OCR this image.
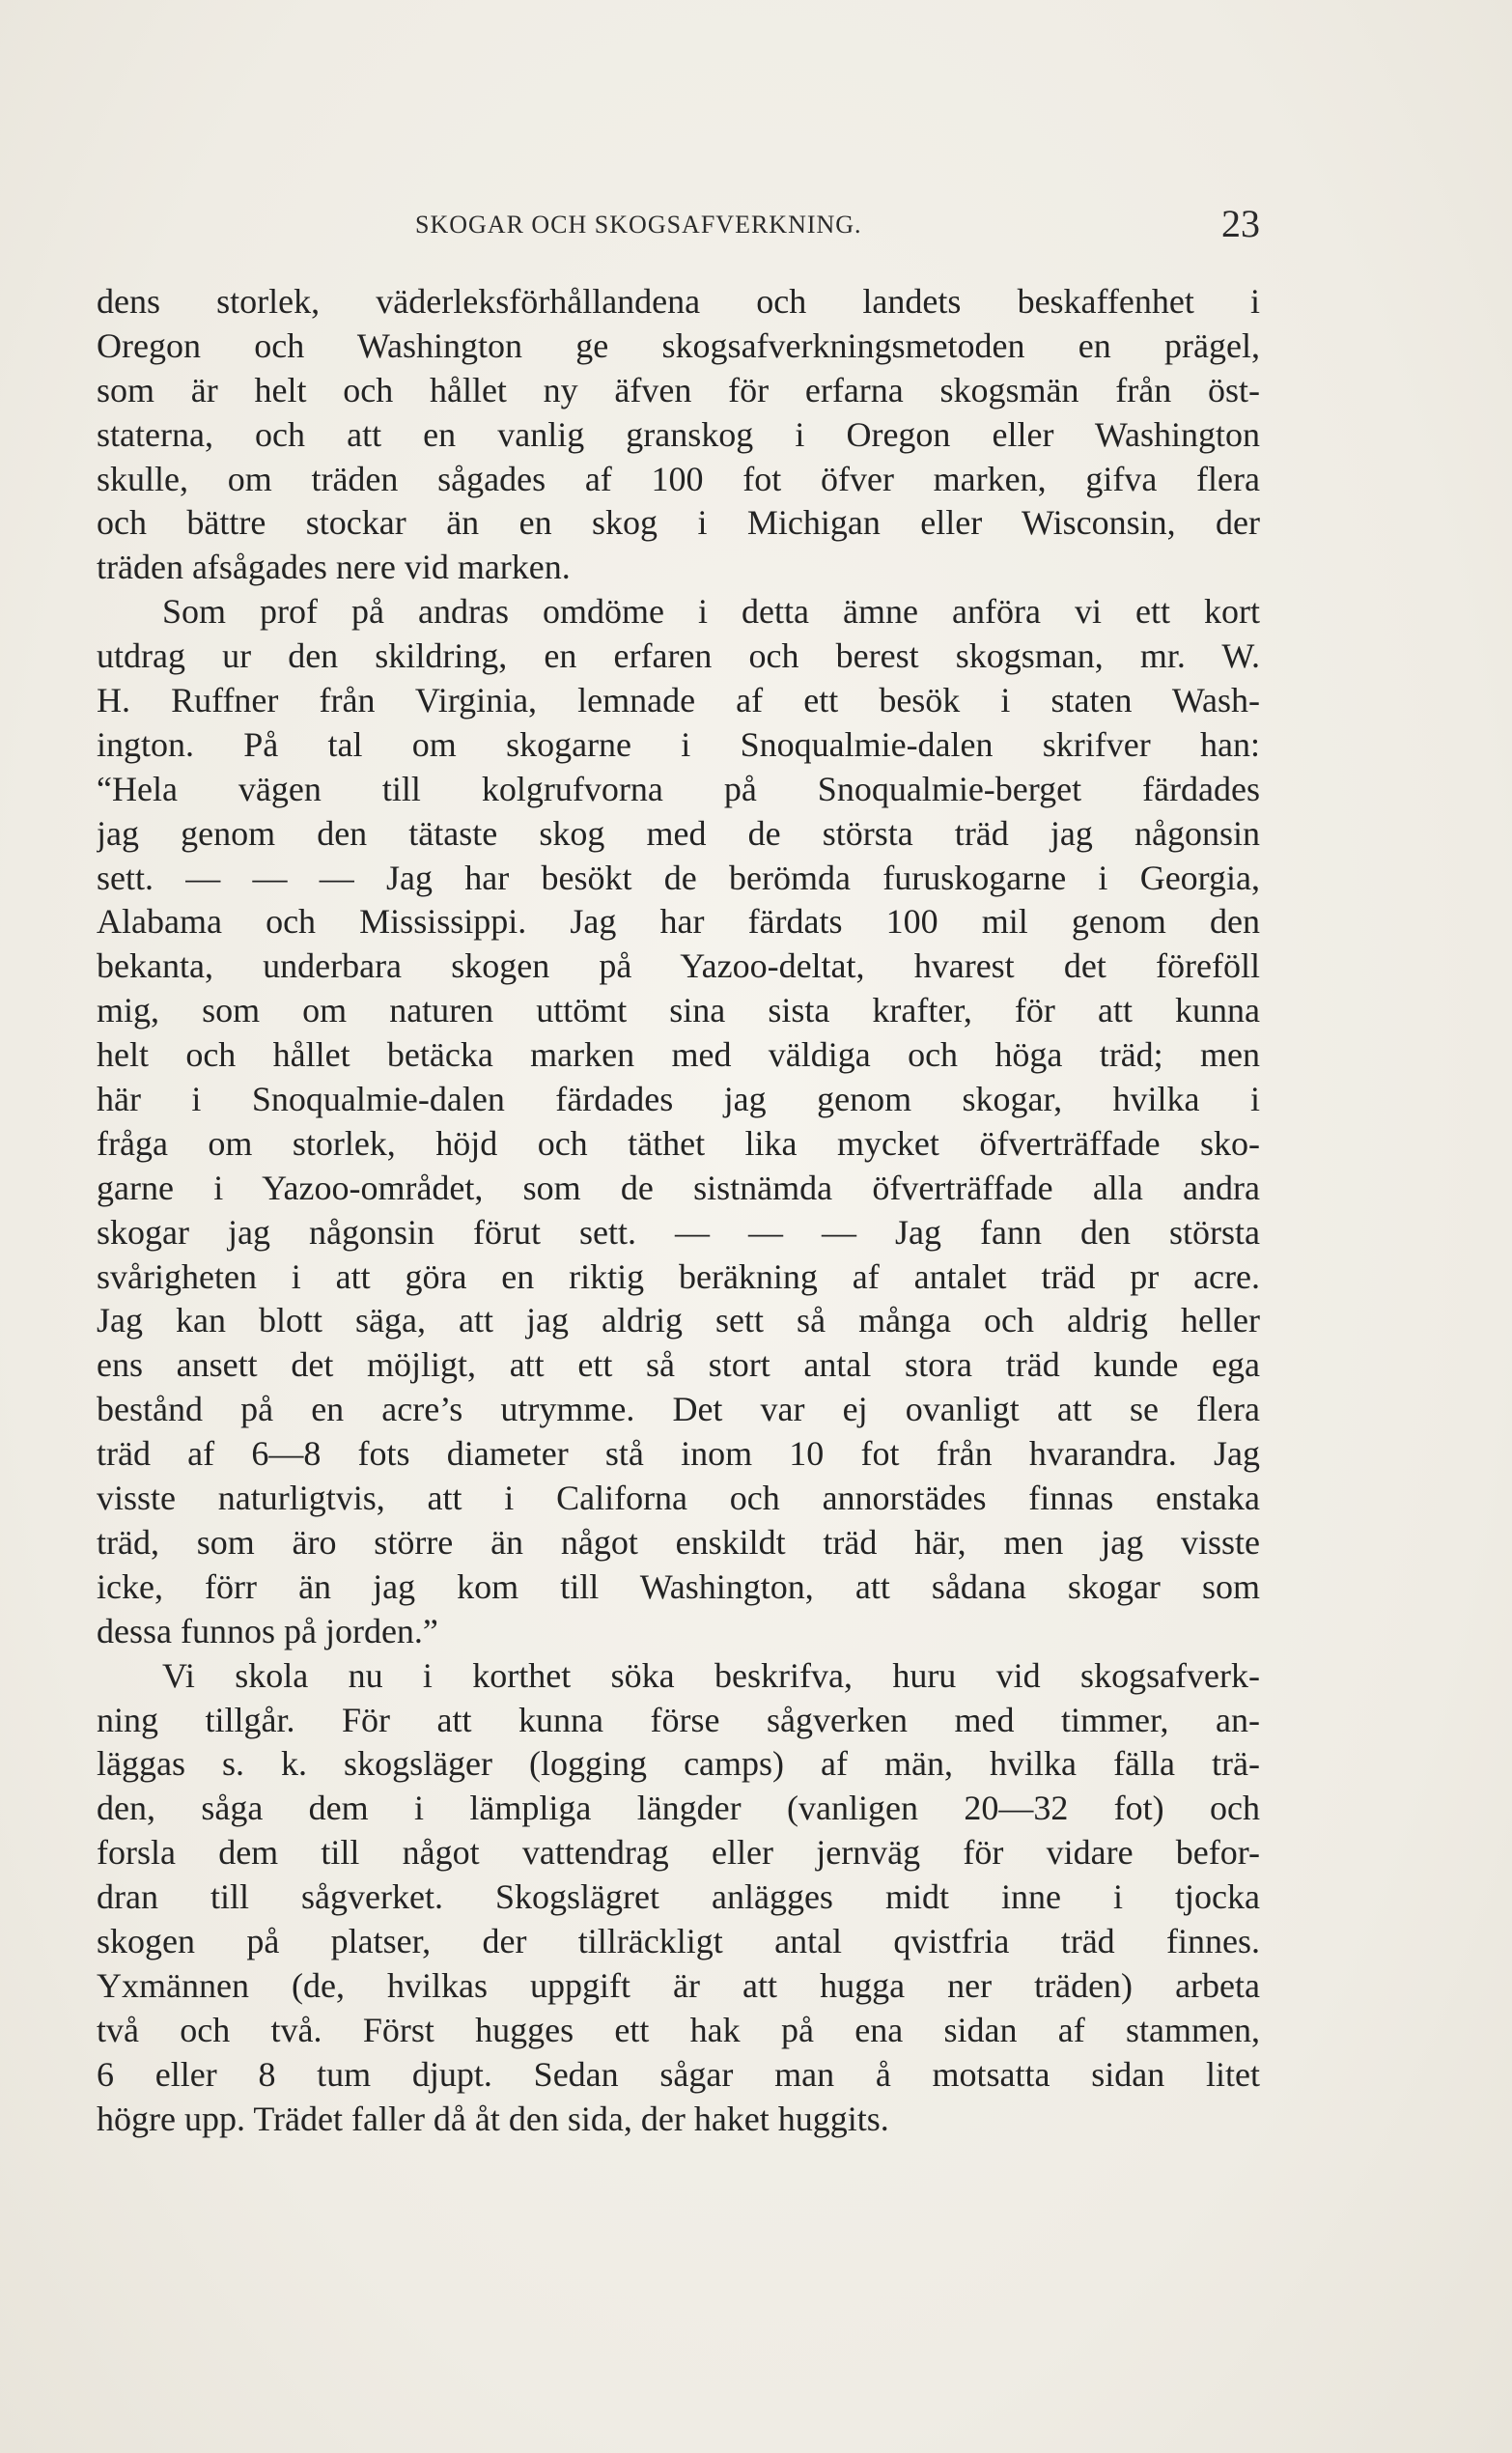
SKOGAR OCH SKOGSAFVERKNING.	23
dens storlek, väderleksförhållandena och landets beskaffenhet i
Oregon och Washington ge skogsafverkningsmetoden en prägel,
som är helt och hållet ny äfven för erfarna skogsmän från öst-
staterna, och att en vanlig granskog i Oregon eller Washington
skulle, om träden sågades af 100 fot öfver marken, gifva flera
och bättre stockar än en skog i Michigan eller Wisconsin, der
träden afsågades nere vid marken.
Som prof på andras omdöme i detta ämne anföra vi ett kort
utdrag ur den skildring, en erfaren och berest skogsman, mr. W.
H. Ruffner från Virginia, lemnade af ett besök i staten Wash-
ington. På tal om skogarne i Snoqualmie-dalen skrifver han:
“Hela vägen till kolgrufvorna på Snoqualmie-berget färdades
jag genom den tätaste skog med de största träd jag någonsin
sett. — — — Jag har besökt de berömda furuskogarne i Georgia,
Alabama och Mississippi. Jag har färdats 100 mil genom den
bekanta, underbara skogen på Yazoo-deltat, hvarest det föreföll
mig, som om naturen uttömt sina sista krafter, för att kunna
helt och hållet betäcka marken med väldiga och höga träd; men
här i Snoqualmie-dalen färdades jag genom skogar, hvilka i
fråga om storlek, höjd och täthet lika mycket öfverträffade sko-
garne i Yazoo-området, som de sistnämda öfverträffade alla andra
skogar jag någonsin förut sett. — — — Jag fann den största
svårigheten i att göra en riktig beräkning af antalet träd pr acre.
Jag kan blott säga, att jag aldrig sett så många och aldrig heller
ens ansett det möjligt, att ett så stort antal stora träd kunde ega
bestånd på en acre’s utrymme. Det var ej ovanligt att se flera
träd af 6—8 fots diameter stå inom 10 fot från hvarandra. Jag
visste naturligtvis, att i Californa och annorstädes finnas enstaka
träd, som äro större än något enskildt träd här, men jag visste
icke, förr än jag kom till Washington, att sådana skogar som
dessa funnos på jorden.”
Vi skola nu i korthet söka beskrifva, huru vid skogsafverk-
ning tillgår. För att kunna förse sågverken med timmer, an-
läggas s. k. skogsläger (logging camps) af män, hvilka fälla trä-
den, såga dem i lämpliga längder (vanligen 20—32 fot) och
forsla dem till något vattendrag eller jernväg för vidare befor-
dran till sågverket. Skogslägret anlägges midt inne i tjocka
skogen på platser, der tillräckligt antal qvistfria träd finnes.
Yxmännen (de, hvilkas uppgift är att hugga ner träden) arbeta
två och två. Först hugges ett hak på ena sidan af stammen,
6 eller 8 tum djupt. Sedan sågar man å motsatta sidan litet
högre upp. Trädet faller då åt den sida, der haket huggits.
